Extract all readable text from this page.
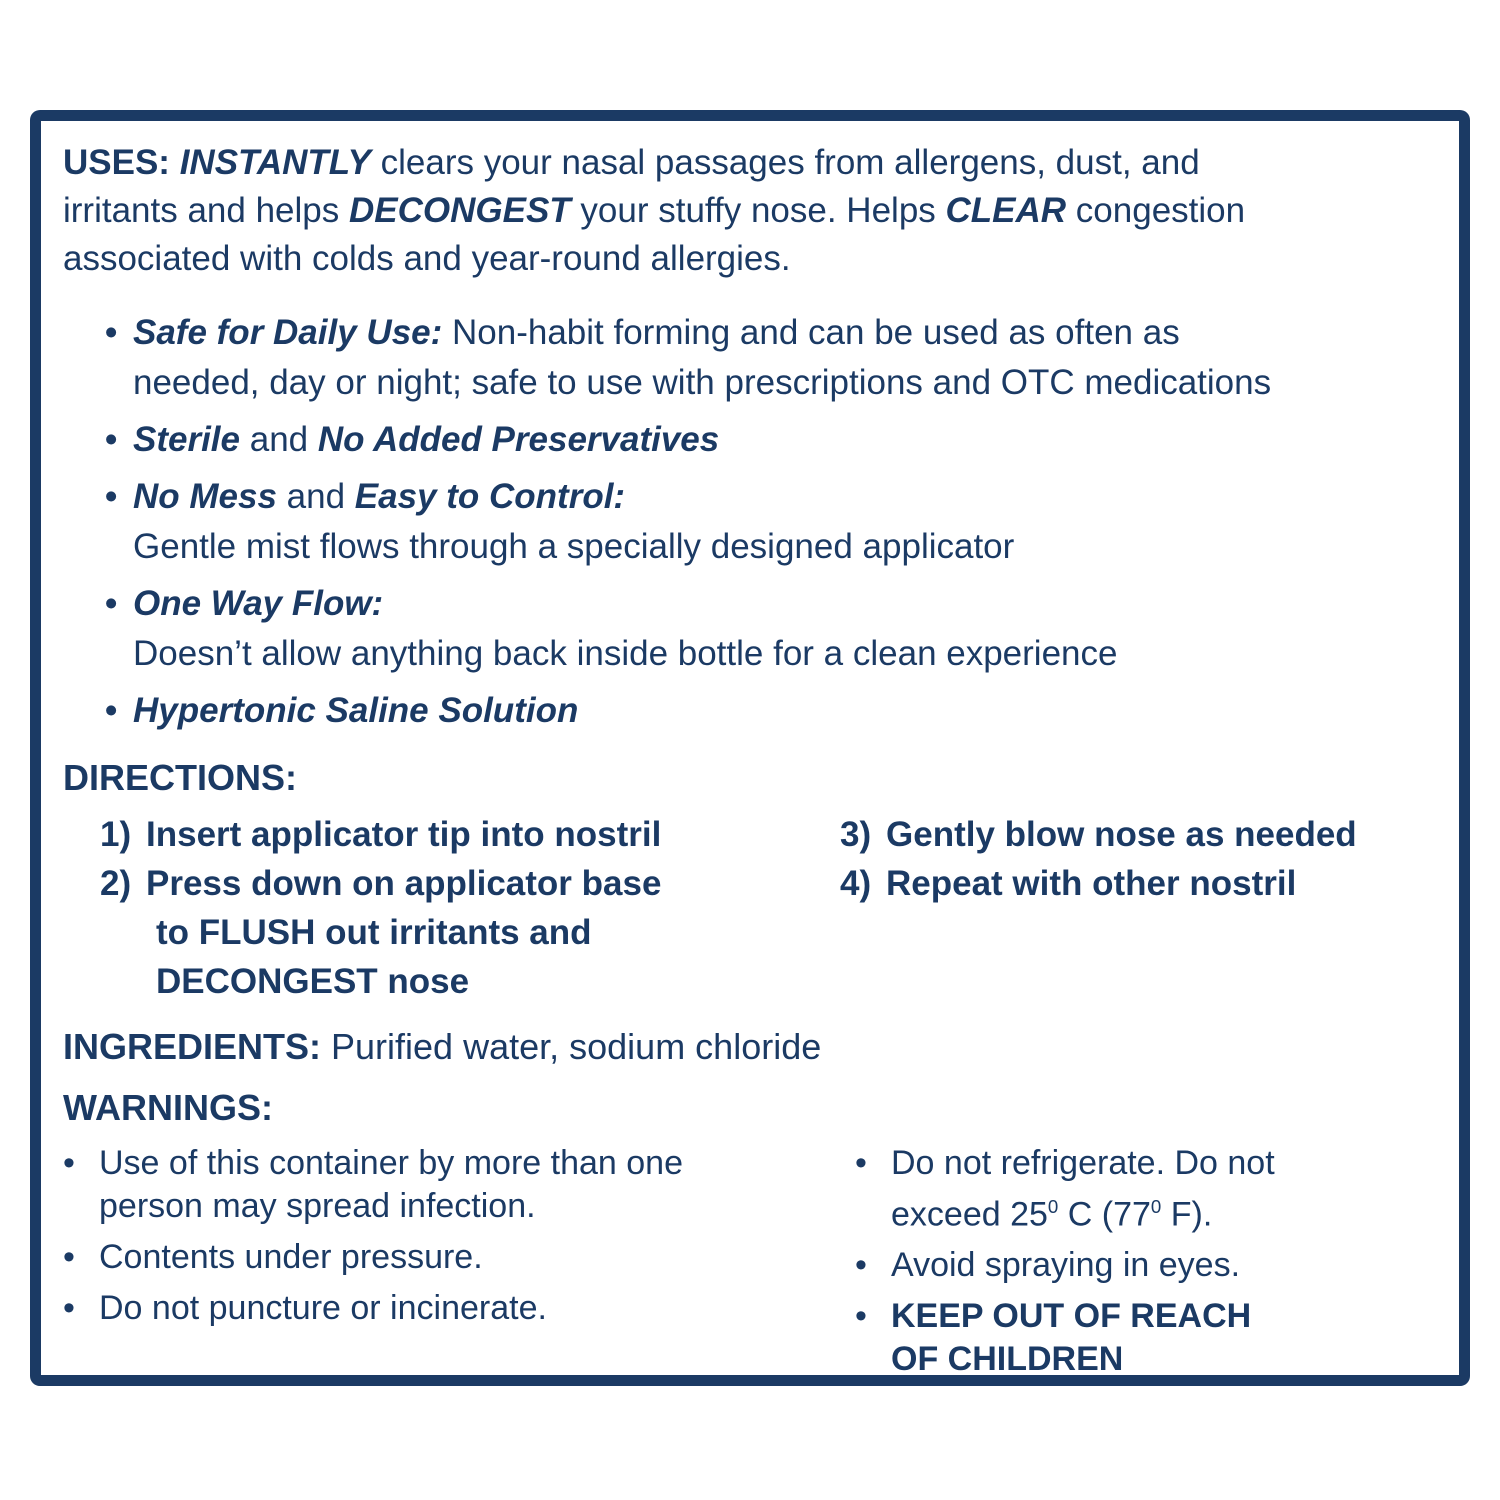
USES: INSTANTLY clears your nasal passages from allergens, dust, and
irritants and helps DECONGEST your stuffy nose. Helps CLEAR congestion
associated with colds and year-round allergies.
• Safe for Daily Use: Non-habit forming and can be used as often as
needed, day or night; safe to use with prescriptions and OTC medications
• Sterile and No Added Preservatives
• No Mess and Easy to Control:
Gentle mist flows through a specially designed applicator
• One Way Flow:
Doesn’t allow anything back inside bottle for a clean experience
• Hypertonic Saline Solution
DIRECTIONS:
1) Insert applicator tip into nostril
2) Press down on applicator base
to FLUSH out irritants and
DECONGEST nose
3) Gently blow nose as needed
4) Repeat with other nostril
INGREDIENTS: Purified water, sodium chloride
WARNINGS:
• Use of this container by more than one
person may spread infection.
• Contents under pressure.
• Do not puncture or incinerate.
• Do not refrigerate. Do not
exceed $25^0$ C ($77^0$ F).
• Avoid spraying in eyes.
• KEEP OUT OF REACH
OF CHILDREN
